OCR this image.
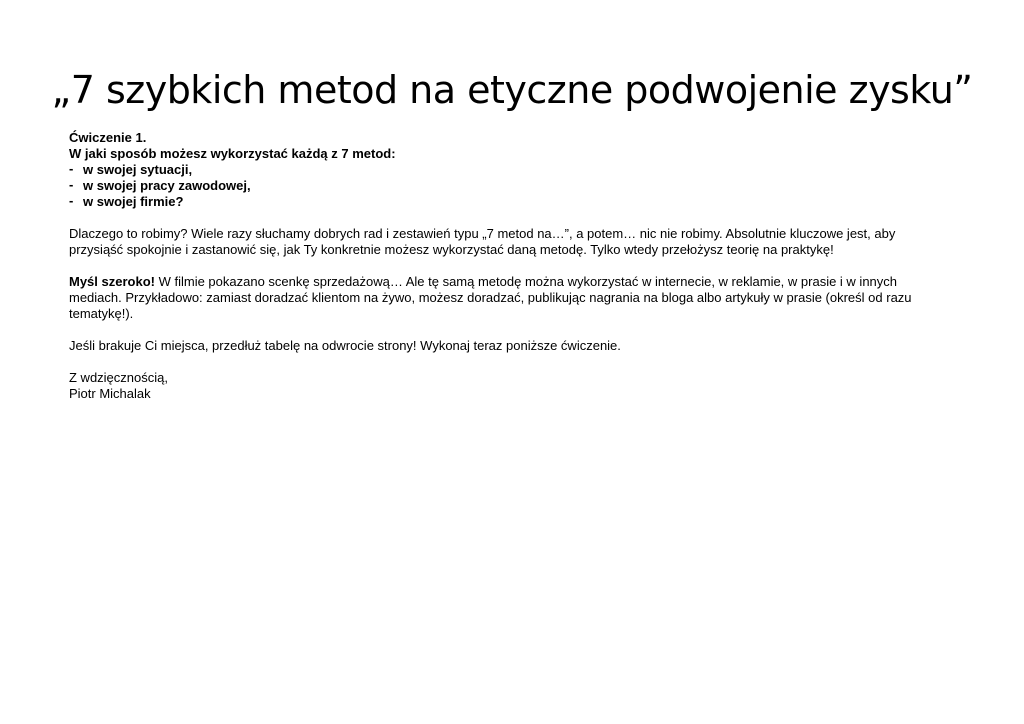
„7 szybkich metod na etyczne podwojenie zysku”
Ćwiczenie 1.
W jaki sposób możesz wykorzystać każdą z 7 metod:
- w swojej sytuacji,
- w swojej pracy zawodowej,
- w swojej firmie?

Dlaczego to robimy? Wiele razy słuchamy dobrych rad i zestawień typu „7 metod na…”, a potem… nic nie robimy. Absolutnie kluczowe jest, aby przysiąść spokojnie i zastanowić się, jak Ty konkretnie możesz wykorzystać daną metodę. Tylko wtedy przełożysz teorię na praktykę!

Myśl szeroko! W filmie pokazano scenkę sprzedażową… Ale tę samą metodę można wykorzystać w internecie, w reklamie, w prasie i w innych mediach. Przykładowo: zamiast doradzać klientom na żywo, możesz doradzać, publikując nagrania na bloga albo artykuły w prasie (określ od razu tematykę!).

Jeśli brakuje Ci miejsca, przedłuż tabelę na odwrocie strony! Wykonaj teraz poniższe ćwiczenie.

Z wdzięcznością,
Piotr Michalak
